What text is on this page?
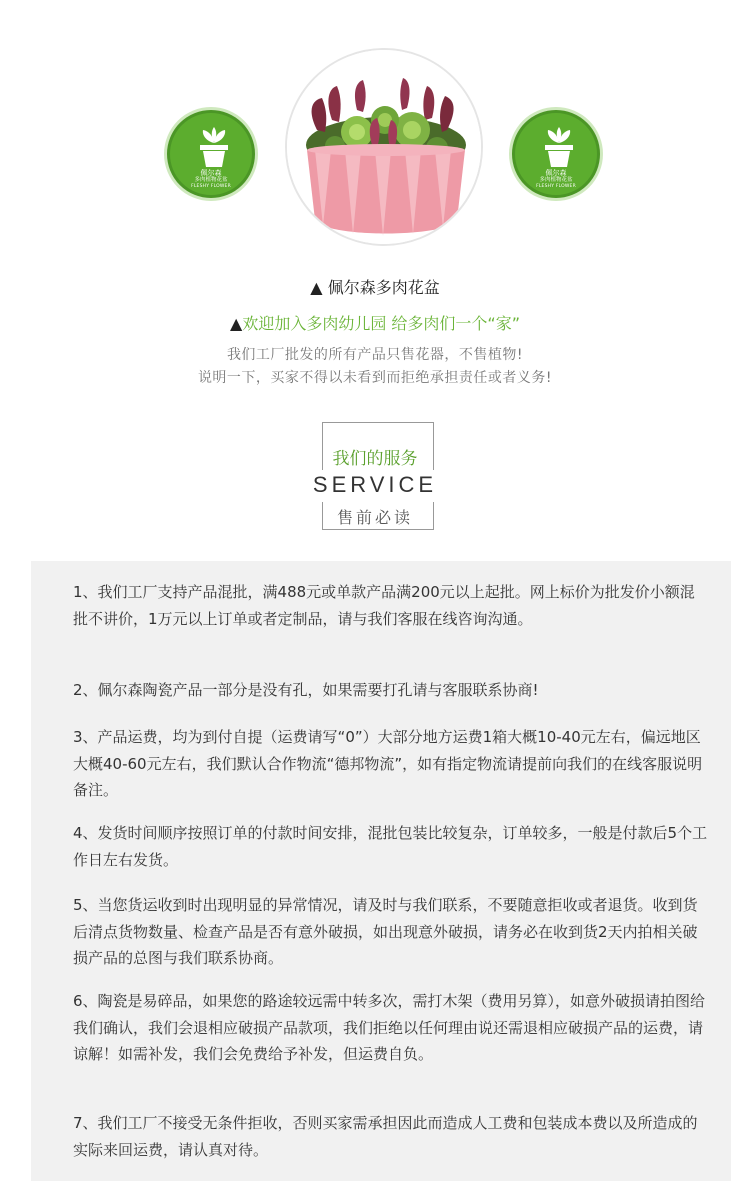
佩尔森
多肉植物花盆
FLESHY FLOWER
佩尔森
多肉植物花盆
FLESHY FLOWER
▲ 佩尔森多肉花盆
▲欢迎加入多肉幼儿园 给多肉们一个“家”
我们工厂批发的所有产品只售花器，不售植物!
说明一下，买家不得以未看到而拒绝承担责任或者义务!
我们的服务
SERVICE
售前必读

1、我们工厂支持产品混批，满488元或单款产品满200元以上起批。网上标价为批发价小额混批不讲价，1万元以上订单或者定制品，请与我们客服在线咨询沟通。

2、佩尔森陶瓷产品一部分是没有孔，如果需要打孔请与客服联系协商!

3、产品运费，均为到付自提（运费请写“0”）大部分地方运费1箱大概10-40元左右，偏远地区大概40-60元左右，我们默认合作物流“德邦物流”，如有指定物流请提前向我们的在线客服说明备注。

4、发货时间顺序按照订单的付款时间安排，混批包装比较复杂，订单较多，一般是付款后5个工作日左右发货。

5、当您货运收到时出现明显的异常情况，请及时与我们联系，不要随意拒收或者退货。收到货后清点货物数量、检查产品是否有意外破损，如出现意外破损，请务必在收到货2天内拍相关破损产品的总图与我们联系协商。

6、陶瓷是易碎品，如果您的路途较远需中转多次，需打木架（费用另算），如意外破损请拍图给我们确认，我们会退相应破损产品款项，我们拒绝以任何理由说还需退相应破损产品的运费，请谅解！如需补发，我们会免费给予补发，但运费自负。

7、我们工厂不接受无条件拒收，否则买家需承担因此而造成人工费和包装成本费以及所造成的实际来回运费，请认真对待。
